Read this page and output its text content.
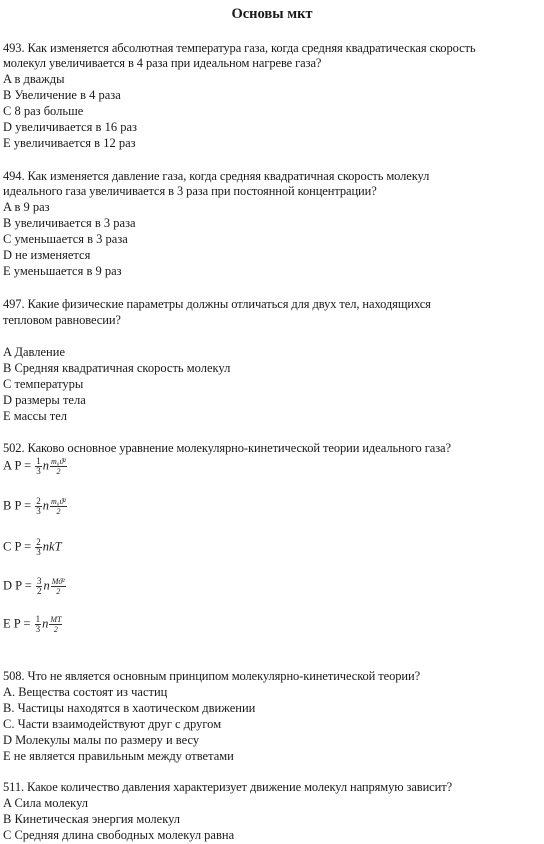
Основы мкт
493. Как изменяется абсолютная температура газа, когда средняя квадратическая скорость
молекул увеличивается в 4 раза при идеальном нагреве газа?
A в дважды
B Увеличение в 4 раза
C 8 раз больше
D увеличивается в 16 раз
E увеличивается в 12 раз
494. Как изменяется давление газа, когда средняя квадратичная скорость молекул
идеального газа увеличивается в 3 раза при постоянной концентрации?
A в 9 раз
B увеличивается в 3 раза
C уменьшается в 3 раза
D не изменяется
E уменьшается в 9 раз
497. Какие физические параметры должны отличаться для двух тел, находящихся
тепловом равновесии?
A Давление
B Средняя квадратичная скорость молекул
C температуры
D размеры тела
E массы тел
502. Каково основное уравнение молекулярно-кинетической теории идеального газа?
A $P = \frac{1}{3}$ n $\frac{\text{m₀ϑ²}}{2}$
B $P = \frac{2}{3}$ n $\frac{\text{m₀ϑ²}}{2}$
C $P = \frac{2}{3}$ nkT
D $P = \frac{3}{2}$ n $\frac{\text{Mϑ²}}{2}$
E $P = \frac{1}{3}$ n $\frac{MT}{2}$
508. Что не является основным принципом молекулярно-кинетической теории?
A. Вещества состоят из частиц
B. Частицы находятся в хаотическом движении
C. Части взаимодействуют друг с другом
D Молекулы малы по размеру и весу
E не является правильным между ответами
511. Какое количество давления характеризует движение молекул напрямую зависит?
A Сила молекул
B Кинетическая энергия молекул
C Средняя длина свободных молекул равна
